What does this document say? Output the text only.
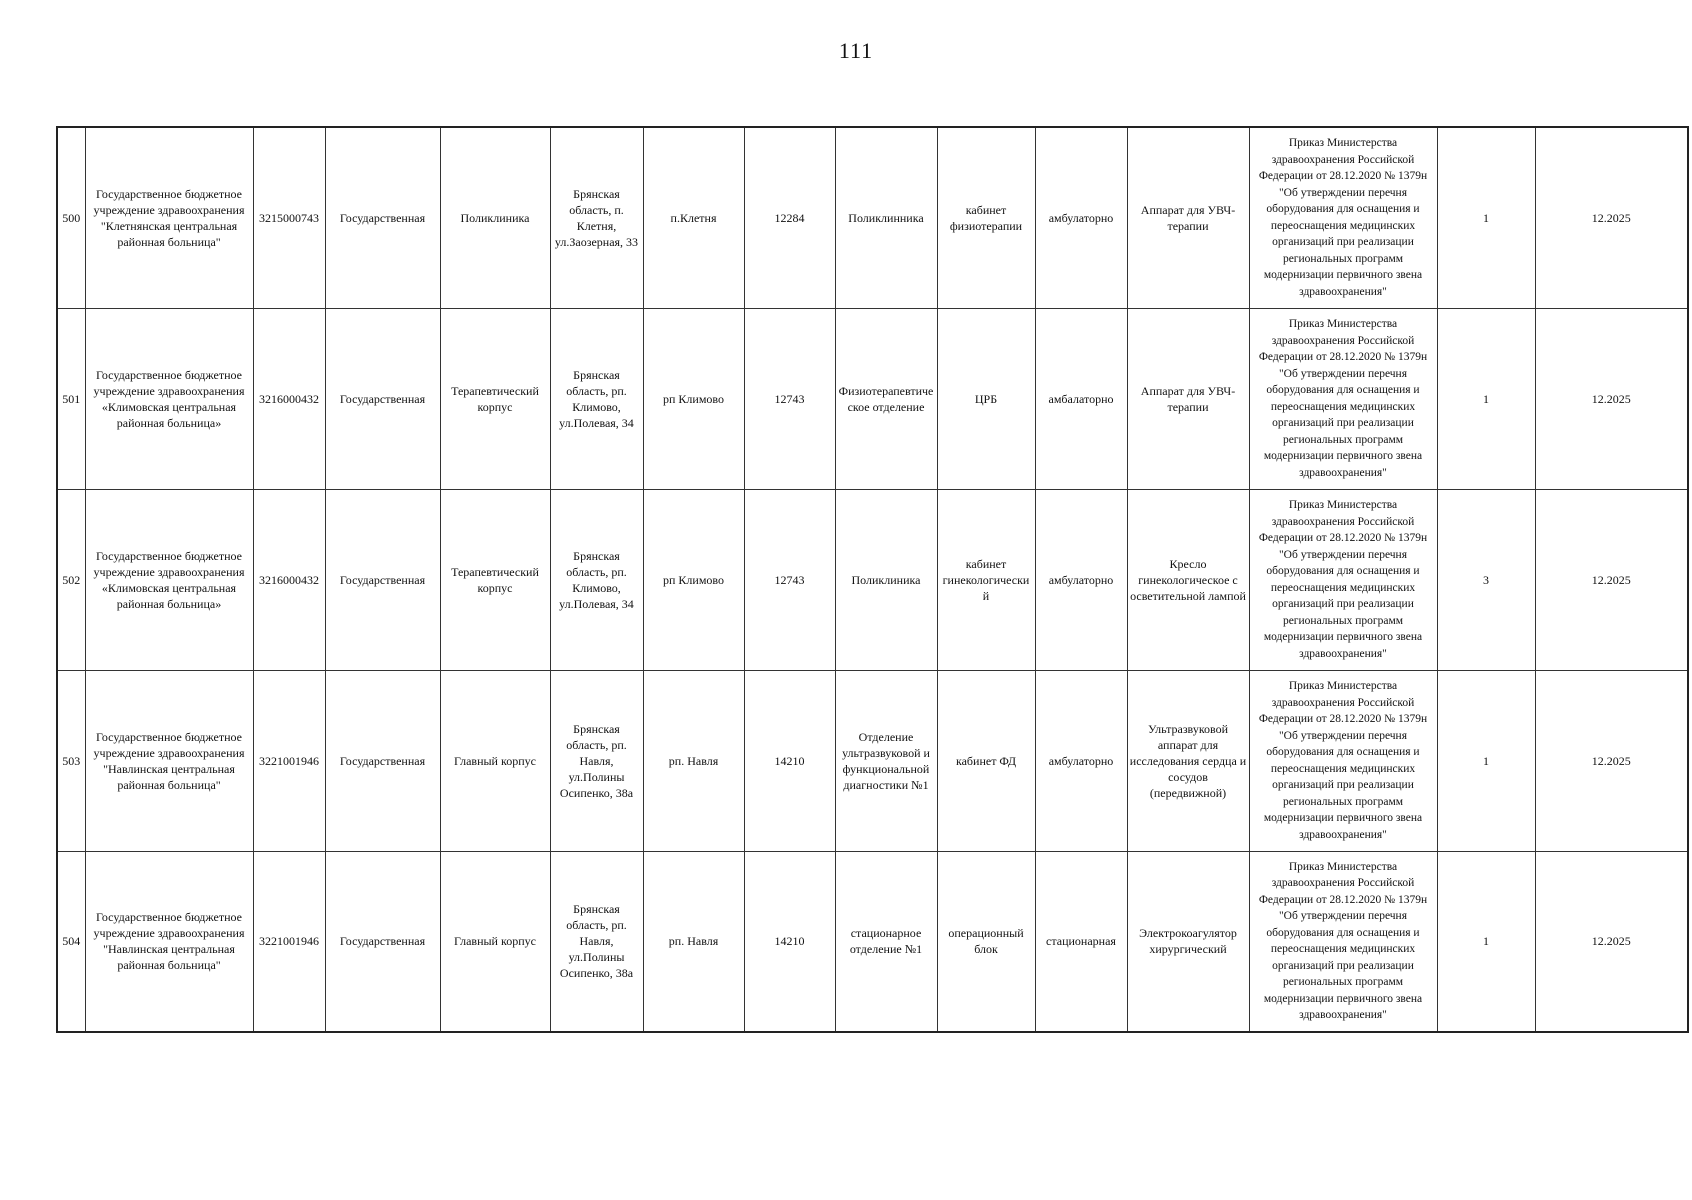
111
500	Государственное бюджетное учреждение здравоохранения "Клетнянская центральная районная больница"	3215000743	Государственная	Поликлиника	Брянская область, п. Клетня, ул.Заозерная, 33	п.Клетня	12284	Поликлинника	кабинет физиотерапии	амбулаторно	Аппарат для УВЧ-терапии	Приказ Министерства здравоохранения Российской Федерации от 28.12.2020 № 1379н "Об утверждении перечня оборудования для оснащения и переоснащения медицинских организаций при реализации региональных программ модернизации первичного звена здравоохранения"	1	12.2025
501	Государственное бюджетное учреждение здравоохранения «Климовская центральная районная больница»	3216000432	Государственная	Терапевтический корпус	Брянская область, рп. Климово, ул.Полевая, 34	рп Климово	12743	Физиотерапевтическое отделение	ЦРБ	амбалаторно	Аппарат для УВЧ-терапии	Приказ Министерства здравоохранения Российской Федерации от 28.12.2020 № 1379н "Об утверждении перечня оборудования для оснащения и переоснащения медицинских организаций при реализации региональных программ модернизации первичного звена здравоохранения"	1	12.2025
502	Государственное бюджетное учреждение здравоохранения «Климовская центральная районная больница»	3216000432	Государственная	Терапевтический корпус	Брянская область, рп. Климово, ул.Полевая, 34	рп Климово	12743	Поликлиника	кабинет гинекологический	амбулаторно	Кресло гинекологическое с осветительной лампой	Приказ Министерства здравоохранения Российской Федерации от 28.12.2020 № 1379н "Об утверждении перечня оборудования для оснащения и переоснащения медицинских организаций при реализации региональных программ модернизации первичного звена здравоохранения"	3	12.2025
503	Государственное бюджетное учреждение здравоохранения "Навлинская центральная районная больница"	3221001946	Государственная	Главный корпус	Брянская область, рп. Навля, ул.Полины Осипенко, 38а	рп. Навля	14210	Отделение ультразвуковой и функциональной диагностики №1	кабинет ФД	амбулаторно	Ультразвуковой аппарат для исследования сердца и сосудов (передвижной)	Приказ Министерства здравоохранения Российской Федерации от 28.12.2020 № 1379н "Об утверждении перечня оборудования для оснащения и переоснащения медицинских организаций при реализации региональных программ модернизации первичного звена здравоохранения"	1	12.2025
504	Государственное бюджетное учреждение здравоохранения "Навлинская центральная районная больница"	3221001946	Государственная	Главный корпус	Брянская область, рп. Навля, ул.Полины Осипенко, 38а	рп. Навля	14210	стационарное отделение №1	операционный блок	стационарная	Электрокоагулятор хирургический	Приказ Министерства здравоохранения Российской Федерации от 28.12.2020 № 1379н "Об утверждении перечня оборудования для оснащения и переоснащения медицинских организаций при реализации региональных программ модернизации первичного звена здравоохранения"	1	12.2025
